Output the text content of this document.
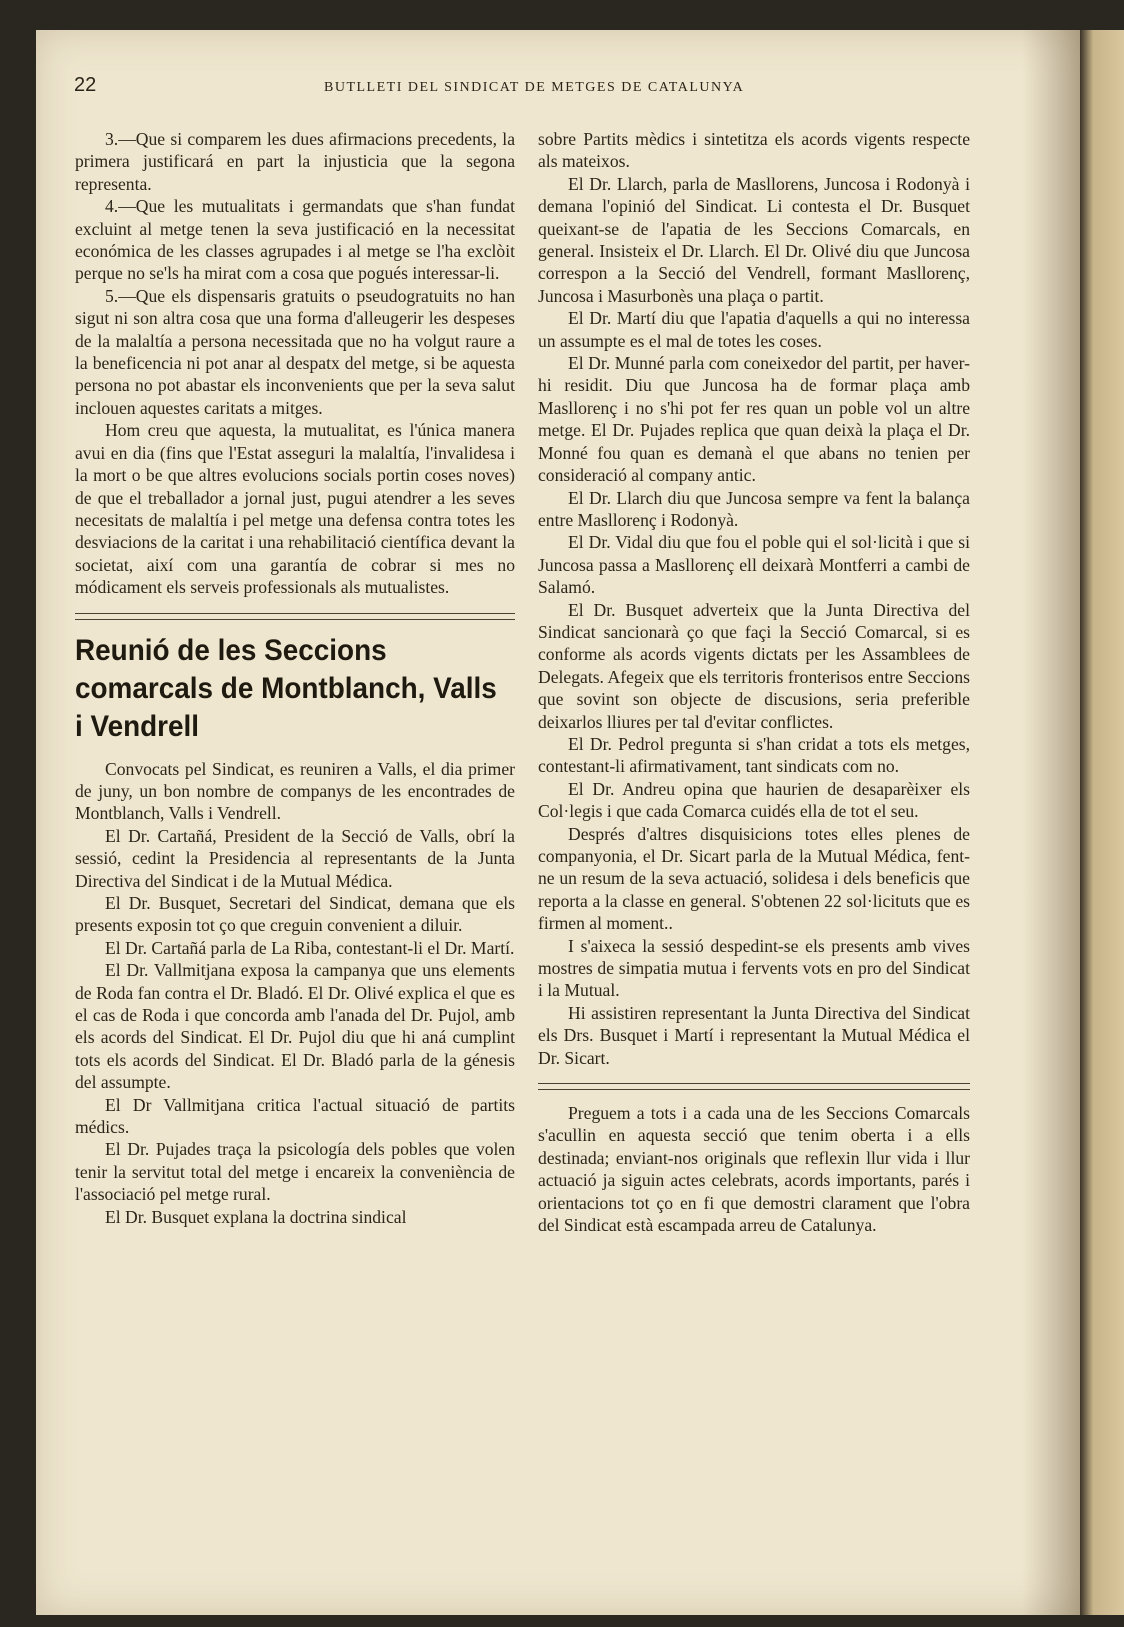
22	BUTLLETI DEL SINDICAT DE METGES DE CATALUNYA

3.—Que si comparem les dues afirmacions precedents, la primera justificará en part la injusticia que la segona representa.

4.—Que les mutualitats i germandats que s'han fundat excluint al metge tenen la seva justificació en la necessitat económica de les classes agrupades i al metge se l'ha exclòit perque no se'ls ha mirat com a cosa que pogués interessar-li.

5.—Que els dispensaris gratuits o pseudogratuits no han sigut ni son altra cosa que una forma d'alleugerir les despeses de la malaltía a persona necessitada que no ha volgut raure a la beneficencia ni pot anar al despatx del metge, si be aquesta persona no pot abastar els inconvenients que per la seva salut inclouen aquestes caritats a mitges.

Hom creu que aquesta, la mutualitat, es l'única manera avui en dia (fins que l'Estat asseguri la malaltía, l'invalidesa i la mort o be que altres evolucions socials portin coses noves) de que el treballador a jornal just, pugui atendrer a les seves necesitats de malaltía i pel metge una defensa contra totes les desviacions de la caritat i una rehabilitació científica devant la societat, així com una garantía de cobrar si mes no módicament els serveis professionals als mutualistes.

Reunió de les Seccions comarcals de Montblanch, Valls i Vendrell

Convocats pel Sindicat, es reuniren a Valls, el dia primer de juny, un bon nombre de companys de les encontrades de Montblanch, Valls i Vendrell.

El Dr. Cartañá, President de la Secció de Valls, obrí la sessió, cedint la Presidencia al representants de la Junta Directiva del Sindicat i de la Mutual Médica.

El Dr. Busquet, Secretari del Sindicat, demana que els presents exposin tot ço que creguin convenient a diluir.

El Dr. Cartañá parla de La Riba, contestant-li el Dr. Martí.

El Dr. Vallmitjana exposa la campanya que uns elements de Roda fan contra el Dr. Bladó. El Dr. Olivé explica el que es el cas de Roda i que concorda amb l'anada del Dr. Pujol, amb els acords del Sindicat. El Dr. Pujol diu que hi aná cumplint tots els acords del Sindicat. El Dr. Bladó parla de la génesis del assumpte.

El Dr Vallmitjana critica l'actual situació de partits médics.

El Dr. Pujades traça la psicología dels pobles que volen tenir la servitut total del metge i encareix la conveniència de l'associació pel metge rural.

El Dr. Busquet explana la doctrina sindical

sobre Partits mèdics i sintetitza els acords vigents respecte als mateixos.

El Dr. Llarch, parla de Masllorens, Juncosa i Rodonyà i demana l'opinió del Sindicat. Li contesta el Dr. Busquet queixant-se de l'apatia de les Seccions Comarcals, en general. Insisteix el Dr. Llarch. El Dr. Olivé diu que Juncosa correspon a la Secció del Vendrell, formant Masllorenç, Juncosa i Masurbonès una plaça o partit.

El Dr. Martí diu que l'apatia d'aquells a qui no interessa un assumpte es el mal de totes les coses.

El Dr. Munné parla com coneixedor del partit, per haver-hi residit. Diu que Juncosa ha de formar plaça amb Masllorenç i no s'hi pot fer res quan un poble vol un altre metge. El Dr. Pujades replica que quan deixà la plaça el Dr. Monné fou quan es demanà el que abans no tenien per consideració al company antic.

El Dr. Llarch diu que Juncosa sempre va fent la balança entre Masllorenç i Rodonyà.

El Dr. Vidal diu que fou el poble qui el sol·licità i que si Juncosa passa a Masllorenç ell deixarà Montferri a cambi de Salamó.

El Dr. Busquet adverteix que la Junta Directiva del Sindicat sancionarà ço que façi la Secció Comarcal, si es conforme als acords vigents dictats per les Assamblees de Delegats. Afegeix que els territoris fronterisos entre Seccions que sovint son objecte de discusions, seria preferible deixarlos lliures per tal d'evitar conflictes.

El Dr. Pedrol pregunta si s'han cridat a tots els metges, contestant-li afirmativament, tant sindicats com no.

El Dr. Andreu opina que haurien de desaparèixer els Col·legis i que cada Comarca cuidés ella de tot el seu.

Després d'altres disquisicions totes elles plenes de companyonia, el Dr. Sicart parla de la Mutual Médica, fent-ne un resum de la seva actuació, solidesa i dels beneficis que reporta a la classe en general. S'obtenen 22 sol·licituts que es firmen al moment..

I s'aixeca la sessió despedint-se els presents amb vives mostres de simpatia mutua i fervents vots en pro del Sindicat i la Mutual.

Hi assistiren representant la Junta Directiva del Sindicat els Drs. Busquet i Martí i representant la Mutual Médica el Dr. Sicart.

Preguem a tots i a cada una de les Seccions Comarcals s'acullin en aquesta secció que tenim oberta i a ells destinada; enviant-nos originals que reflexin llur vida i llur actuació ja siguin actes celebrats, acords importants, parés i orientacions tot ço en fi que demostri clarament que l'obra del Sindicat està escampada arreu de Catalunya.
